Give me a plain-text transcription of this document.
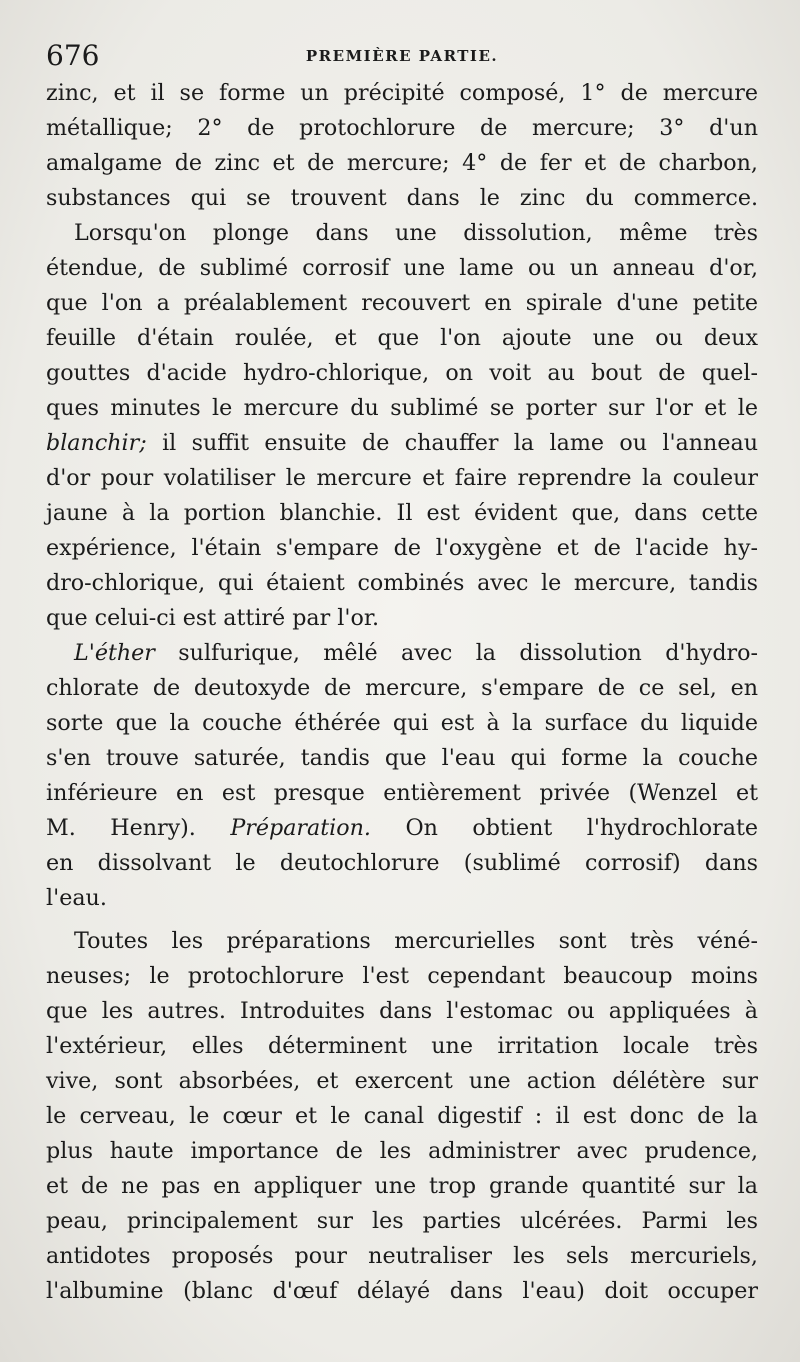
676	PREMIÈRE PARTIE.
zinc, et il se forme un précipité composé, 1° de mercure
métallique; 2° de protochlorure de mercure; 3° d'un
amalgame de zinc et de mercure; 4° de fer et de charbon,
substances qui se trouvent dans le zinc du commerce.
Lorsqu'on plonge dans une dissolution, même très
étendue, de sublimé corrosif une lame ou un anneau d'or,
que l'on a préalablement recouvert en spirale d'une petite
feuille d'étain roulée, et que l'on ajoute une ou deux
gouttes d'acide hydro-chlorique, on voit au bout de quel-
ques minutes le mercure du sublimé se porter sur l'or et le
blanchir; il suffit ensuite de chauffer la lame ou l'anneau
d'or pour volatiliser le mercure et faire reprendre la couleur
jaune à la portion blanchie. Il est évident que, dans cette
expérience, l'étain s'empare de l'oxygène et de l'acide hy-
dro-chlorique, qui étaient combinés avec le mercure, tandis
que celui-ci est attiré par l'or.
L'éther sulfurique, mêlé avec la dissolution d'hydro-
chlorate de deutoxyde de mercure, s'empare de ce sel, en
sorte que la couche éthérée qui est à la surface du liquide
s'en trouve saturée, tandis que l'eau qui forme la couche
inférieure en est presque entièrement privée (Wenzel et
M. Henry). Préparation. On obtient l'hydrochlorate
en dissolvant le deutochlorure (sublimé corrosif) dans
l'eau.
Toutes les préparations mercurielles sont très véné-
neuses; le protochlorure l'est cependant beaucoup moins
que les autres. Introduites dans l'estomac ou appliquées à
l'extérieur, elles déterminent une irritation locale très
vive, sont absorbées, et exercent une action délétère sur
le cerveau, le cœur et le canal digestif : il est donc de la
plus haute importance de les administrer avec prudence,
et de ne pas en appliquer une trop grande quantité sur la
peau, principalement sur les parties ulcérées. Parmi les
antidotes proposés pour neutraliser les sels mercuriels,
l'albumine (blanc d'œuf délayé dans l'eau) doit occuper
